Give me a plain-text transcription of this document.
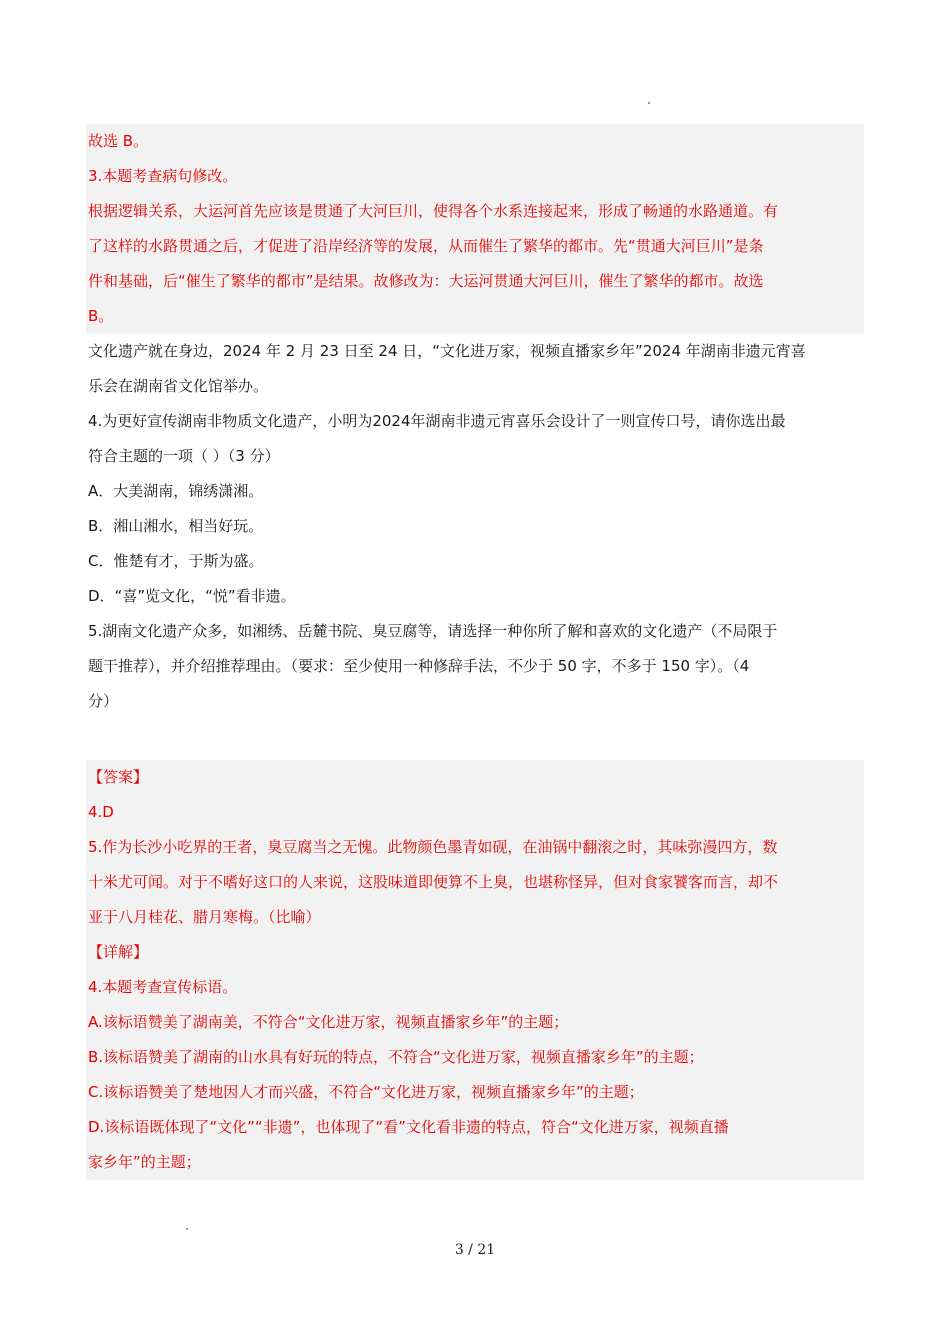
故选 B。
3.本题考查病句修改。
根据逻辑关系，大运河首先应该是贯通了大河巨川，使得各个水系连接起来，形成了畅通的水路通道。有
了这样的水路贯通之后，才促进了沿岸经济等的发展，从而催生了繁华的都市。先“贯通大河巨川”是条
件和基础，后“催生了繁华的都市”是结果。故修改为：大运河贯通大河巨川，催生了繁华的都市。故选
B。
文化遗产就在身边，2024 年 2 月 23 日至 24 日，“文化进万家，视频直播家乡年”2024 年湖南非遗元宵喜
乐会在湖南省文化馆举办。
4.为更好宣传湖南非物质文化遗产，小明为2024年湖南非遗元宵喜乐会设计了一则宣传口号，请你选出最
符合主题的一项（ ）（3 分）
A．大美湖南，锦绣潇湘。
B．湘山湘水，相当好玩。
C．惟楚有才，于斯为盛。
D．“喜”览文化，“悦”看非遗。
5.湖南文化遗产众多，如湘绣、岳麓书院、臭豆腐等，请选择一种你所了解和喜欢的文化遗产（不局限于
题干推荐），并介绍推荐理由。（要求：至少使用一种修辞手法，不少于 50 字，不多于 150 字）。（4
分）
【答案】
4.D
5.作为长沙小吃界的王者，臭豆腐当之无愧。此物颜色墨青如砚，在油锅中翻滚之时，其味弥漫四方，数
十米尤可闻。对于不嗜好这口的人来说，这股味道即便算不上臭，也堪称怪异，但对食家饕客而言，却不
亚于八月桂花、腊月寒梅。（比喻）
【详解】
4.本题考查宣传标语。
A.该标语赞美了湖南美，不符合“文化进万家，视频直播家乡年”的主题；
B.该标语赞美了湖南的山水具有好玩的特点，不符合“文化进万家，视频直播家乡年”的主题；
C.该标语赞美了楚地因人才而兴盛，不符合“文化进万家，视频直播家乡年”的主题；
D.该标语既体现了“文化”“非遗”，也体现了“看”文化看非遗的特点，符合“文化进万家，视频直播
家乡年”的主题；
3 / 21
